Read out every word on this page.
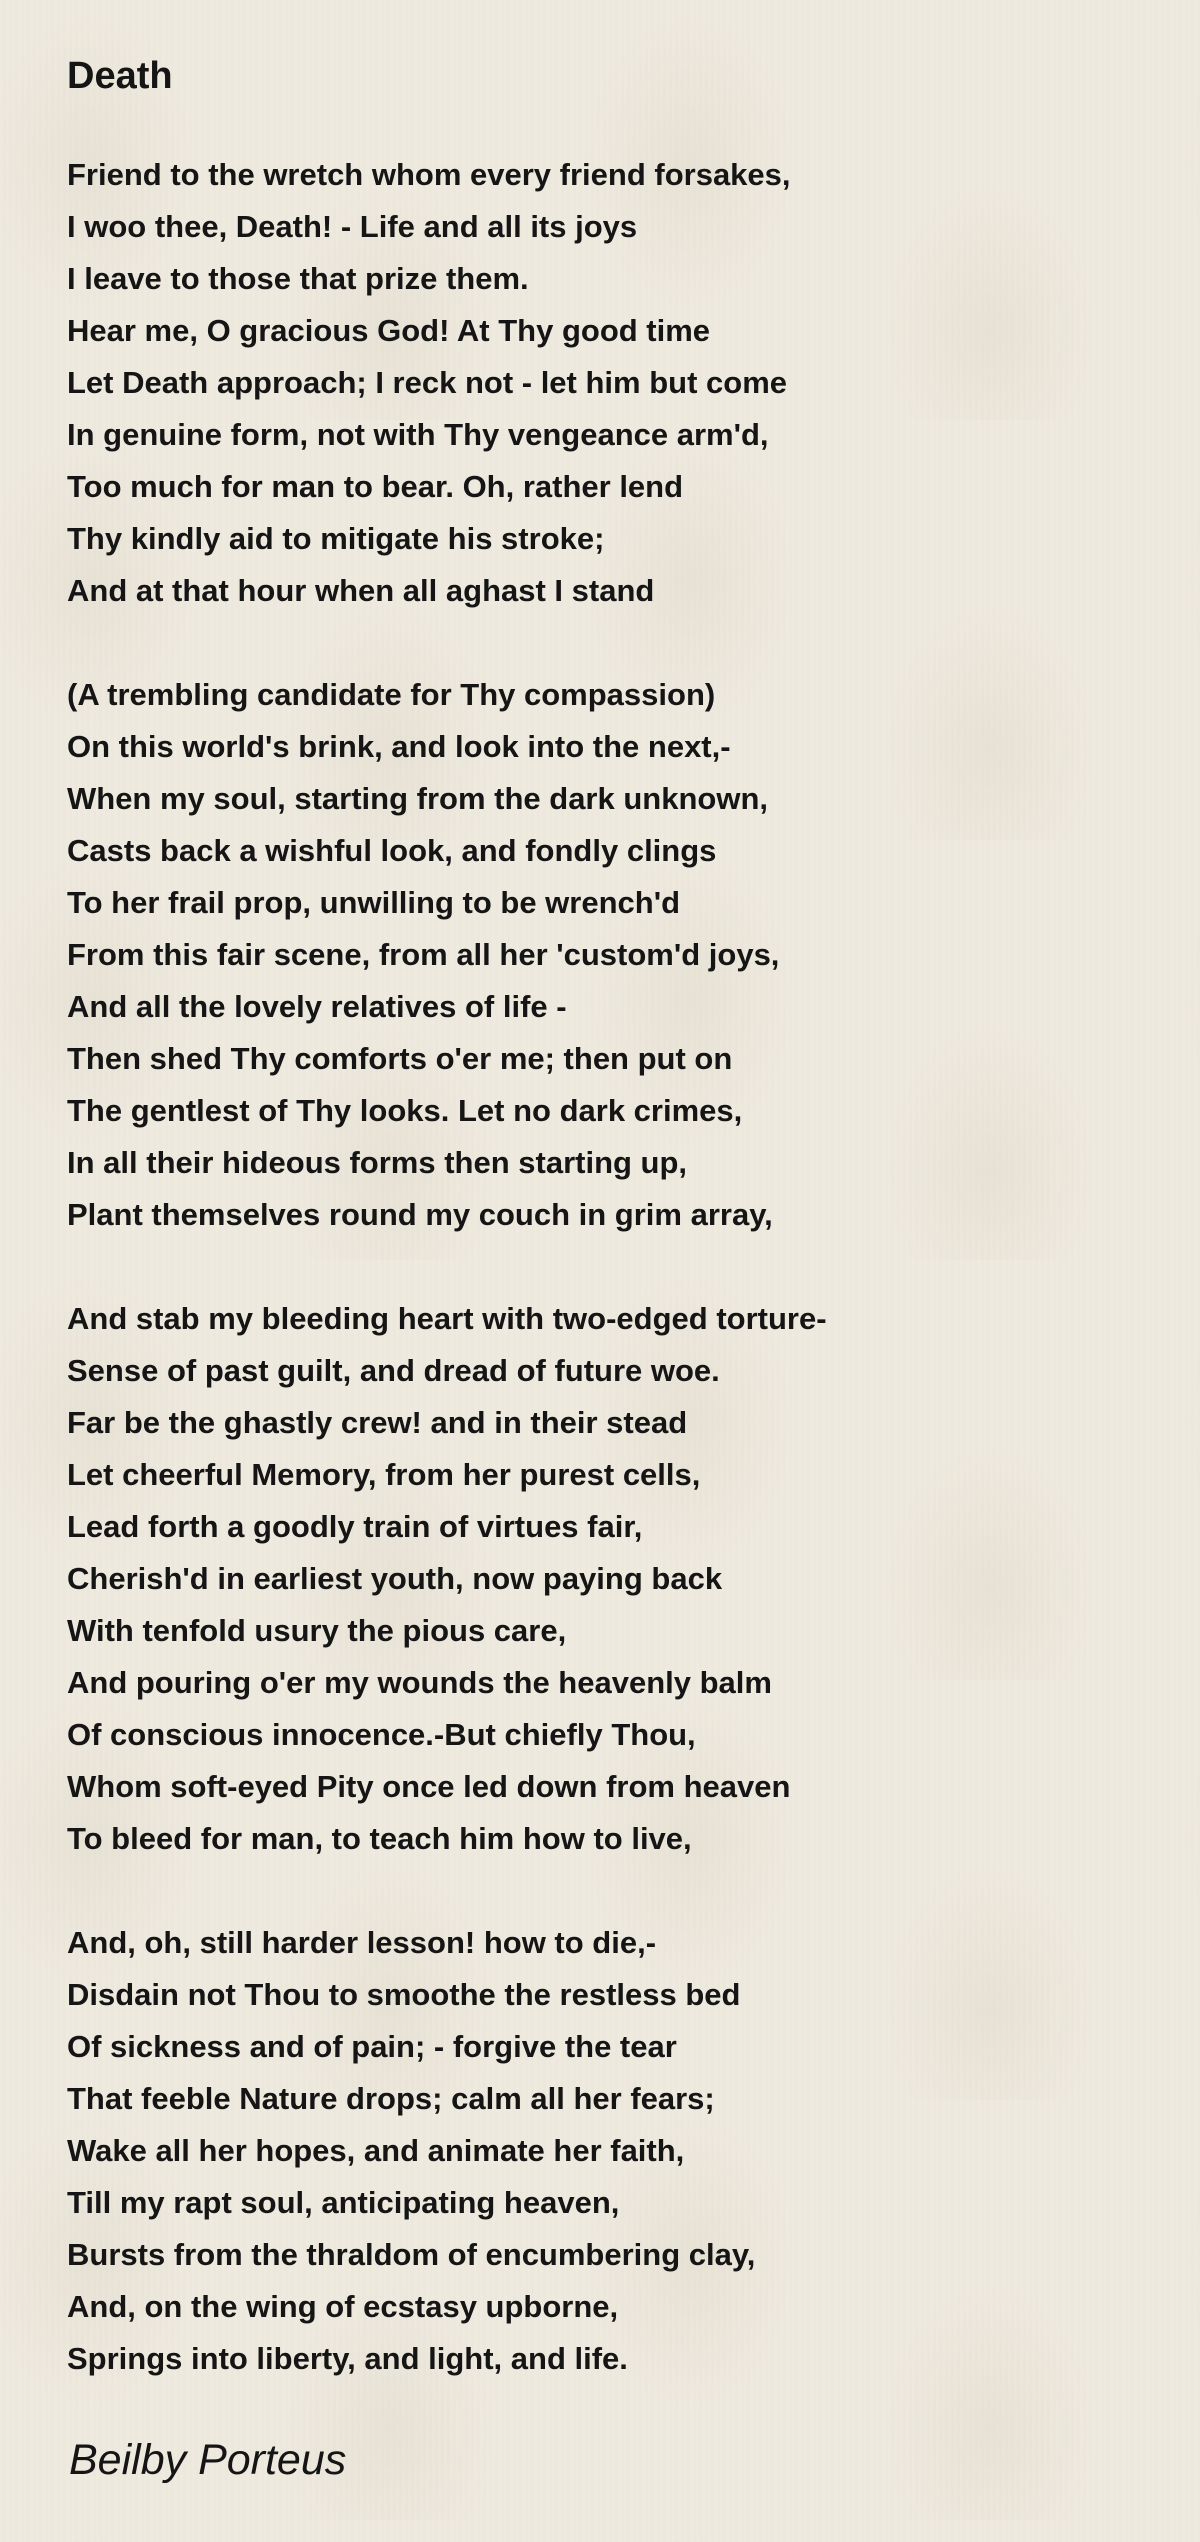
Death
Friend to the wretch whom every friend forsakes,
I woo thee, Death! - Life and all its joys
I leave to those that prize them.
Hear me, O gracious God! At Thy good time
Let Death approach; I reck not - let him but come
In genuine form, not with Thy vengeance arm'd,
Too much for man to bear. Oh, rather lend
Thy kindly aid to mitigate his stroke;
And at that hour when all aghast I stand
(A trembling candidate for Thy compassion)
On this world's brink, and look into the next,-
When my soul, starting from the dark unknown,
Casts back a wishful look, and fondly clings
To her frail prop, unwilling to be wrench'd
From this fair scene, from all her 'custom'd joys,
And all the lovely relatives of life -
Then shed Thy comforts o'er me; then put on
The gentlest of Thy looks. Let no dark crimes,
In all their hideous forms then starting up,
Plant themselves round my couch in grim array,
And stab my bleeding heart with two-edged torture-
Sense of past guilt, and dread of future woe.
Far be the ghastly crew! and in their stead
Let cheerful Memory, from her purest cells,
Lead forth a goodly train of virtues fair,
Cherish'd in earliest youth, now paying back
With tenfold usury the pious care,
And pouring o'er my wounds the heavenly balm
Of conscious innocence.-But chiefly Thou,
Whom soft-eyed Pity once led down from heaven
To bleed for man, to teach him how to live,
And, oh, still harder lesson! how to die,-
Disdain not Thou to smoothe the restless bed
Of sickness and of pain; - forgive the tear
That feeble Nature drops; calm all her fears;
Wake all her hopes, and animate her faith,
Till my rapt soul, anticipating heaven,
Bursts from the thraldom of encumbering clay,
And, on the wing of ecstasy upborne,
Springs into liberty, and light, and life.

Beilby Porteus
